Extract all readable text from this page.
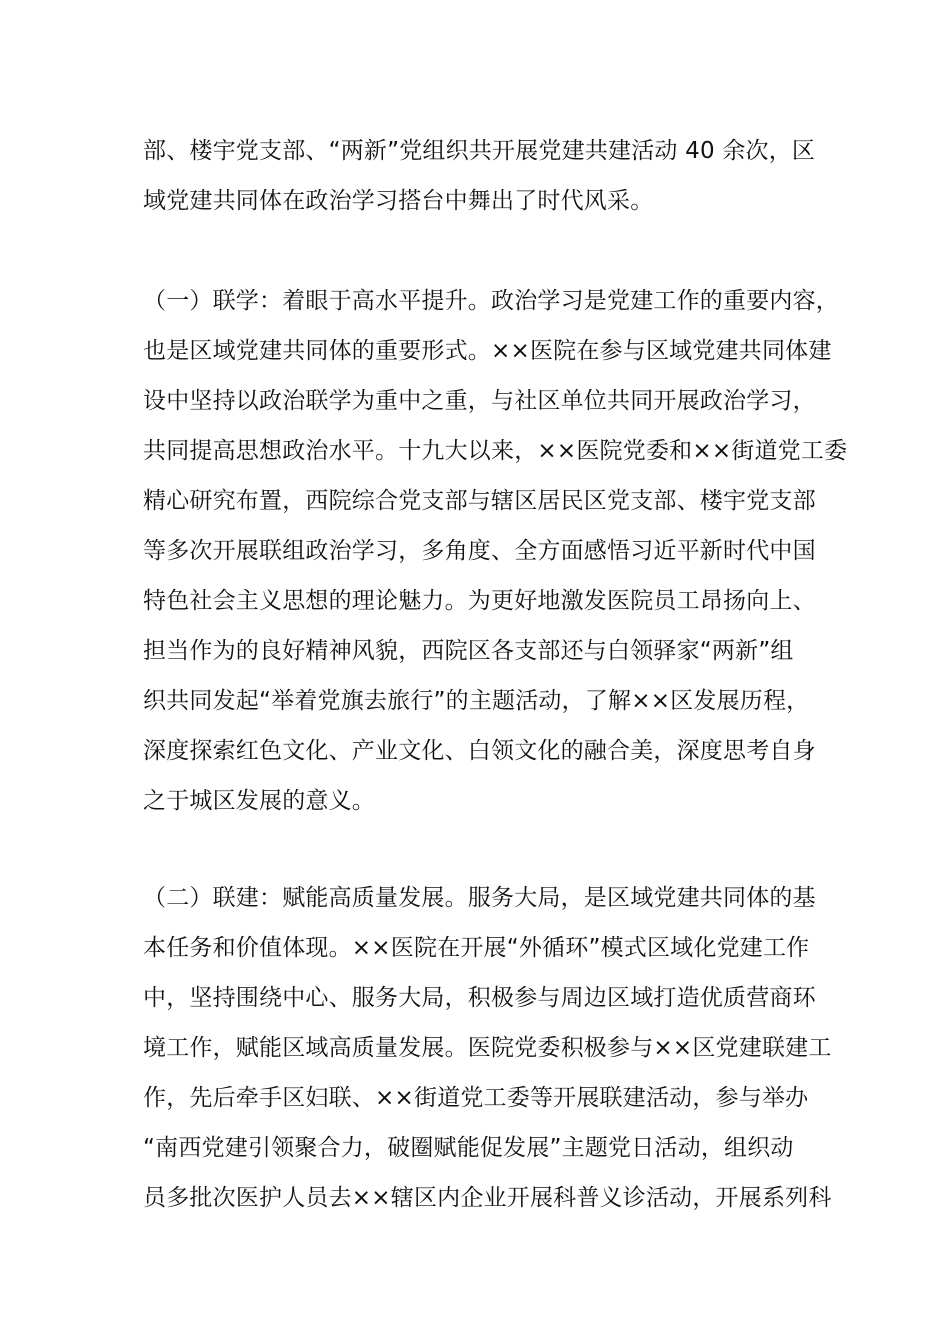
部、楼宇党支部、“两新”党组织共开展党建共建活动 40 余次，区
域党建共同体在政治学习搭台中舞出了时代风采。
（一）联学：着眼于高水平提升。政治学习是党建工作的重要内容，
也是区域党建共同体的重要形式。××医院在参与区域党建共同体建
设中坚持以政治联学为重中之重，与社区单位共同开展政治学习，
共同提高思想政治水平。十九大以来，××医院党委和××街道党工委
精心研究布置，西院综合党支部与辖区居民区党支部、楼宇党支部
等多次开展联组政治学习，多角度、全方面感悟习近平新时代中国
特色社会主义思想的理论魅力。为更好地激发医院员工昂扬向上、
担当作为的良好精神风貌，西院区各支部还与白领驿家“两新”组
织共同发起“举着党旗去旅行”的主题活动，了解××区发展历程，
深度探索红色文化、产业文化、白领文化的融合美，深度思考自身
之于城区发展的意义。
（二）联建：赋能高质量发展。服务大局，是区域党建共同体的基
本任务和价值体现。××医院在开展“外循环”模式区域化党建工作
中，坚持围绕中心、服务大局，积极参与周边区域打造优质营商环
境工作，赋能区域高质量发展。医院党委积极参与××区党建联建工
作，先后牵手区妇联、××街道党工委等开展联建活动，参与举办
“南西党建引领聚合力，破圈赋能促发展”主题党日活动，组织动
员多批次医护人员去××辖区内企业开展科普义诊活动，开展系列科
